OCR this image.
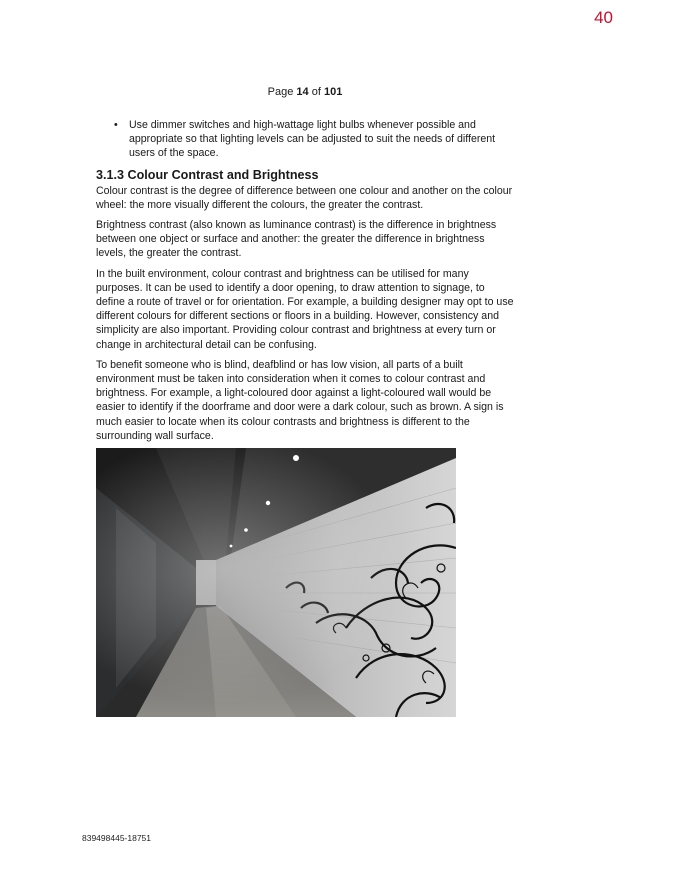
40
Page 14 of 101
• Use dimmer switches and high-wattage light bulbs whenever possible and appropriate so that lighting levels can be adjusted to suit the needs of different users of the space.
3.1.3 Colour Contrast and Brightness

Colour contrast is the degree of difference between one colour and another on the colour wheel: the more visually different the colours, the greater the contrast.

Brightness contrast (also known as luminance contrast) is the difference in brightness between one object or surface and another: the greater the difference in brightness levels, the greater the contrast.

In the built environment, colour contrast and brightness can be utilised for many purposes. It can be used to identify a door opening, to draw attention to signage, to define a route of travel or for orientation. For example, a building designer may opt to use different colours for different sections or floors in a building. However, consistency and simplicity are also important. Providing colour contrast and brightness at every turn or change in architectural detail can be confusing.

To benefit someone who is blind, deafblind or has low vision, all parts of a built environment must be taken into consideration when it comes to colour contrast and brightness. For example, a light-coloured door against a light-coloured wall would be easier to identify if the doorframe and door were a dark colour, such as brown. A sign is much easier to locate when its colour contrasts and brightness is different to the surrounding wall surface.

839498445-18751
